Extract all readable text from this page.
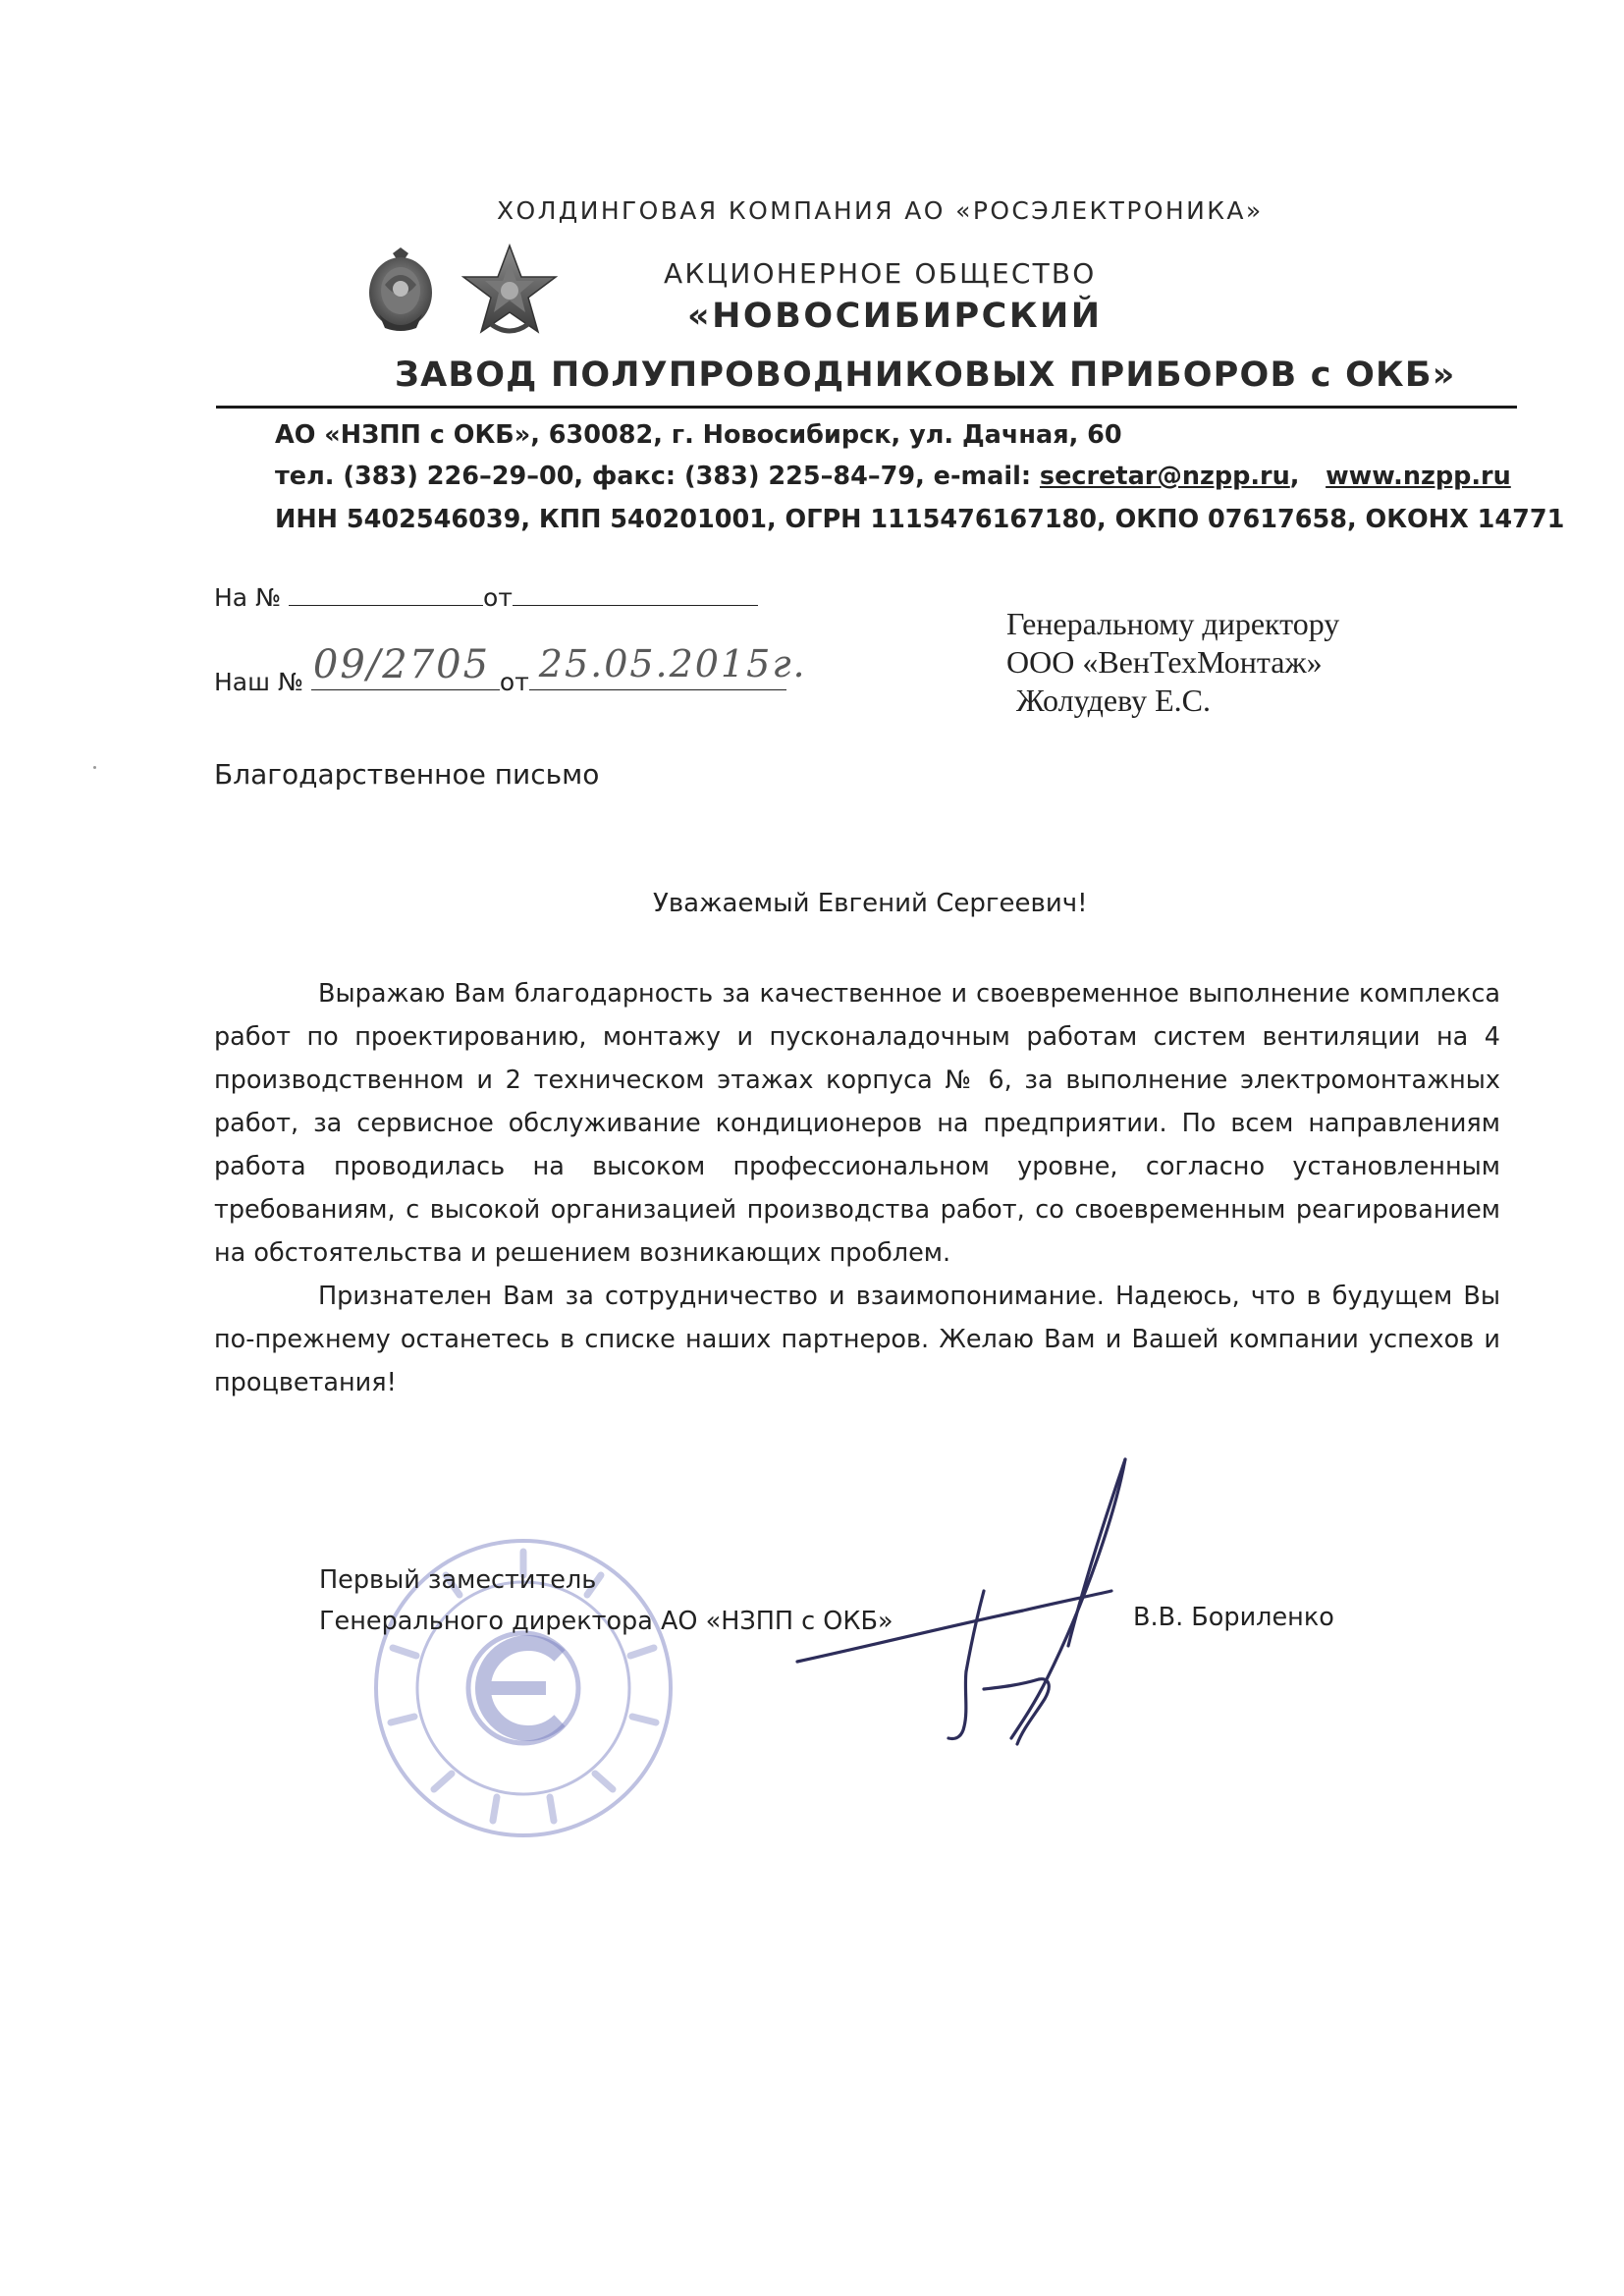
ХОЛДИНГОВАЯ КОМПАНИЯ АО «РОСЭЛЕКТРОНИКА»
АКЦИОНЕРНОЕ ОБЩЕСТВО
«НОВОСИБИРСКИЙ
ЗАВОД ПОЛУПРОВОДНИКОВЫХ ПРИБОРОВ с ОКБ»
АО «НЗПП с ОКБ», 630082, г. Новосибирск, ул. Дачная, 60
тел. (383) 226–29–00, факс: (383) 225–84–79, e-mail: secretar@nzpp.ru,   www.nzpp.ru
ИНН 5402546039, КПП 540201001, ОГРН 1115476167180, ОКПО 07617658, ОКОНХ 14771
На №	от
Наш № 09/2705 от 25.05.2015г.
Генеральному директору
ООО «ВенТехМонтаж»
Жолудеву Е.С.
Благодарственное письмо
Уважаемый Евгений Сергеевич!
Выражаю Вам благодарность за качественное и своевременное выполнение комплекса работ по проектированию, монтажу и пусконаладочным работам систем вентиляции на 4 производственном и 2 техническом этажах корпуса № 6, за выполнение электромонтажных работ, за сервисное обслуживание кондиционеров на предприятии. По всем направлениям работа проводилась на высоком профессиональном уровне, согласно установленным требованиям, с высокой организацией производства работ, со своевременным реагированием на обстоятельства и решением возникающих проблем.
Признателен Вам за сотрудничество и взаимопонимание. Надеюсь, что в будущем Вы по-прежнему останетесь в списке наших партнеров. Желаю Вам и Вашей компании успехов и процветания!
Первый заместитель
Генерального директора АО «НЗПП с ОКБ»	В.В. Бориленко
